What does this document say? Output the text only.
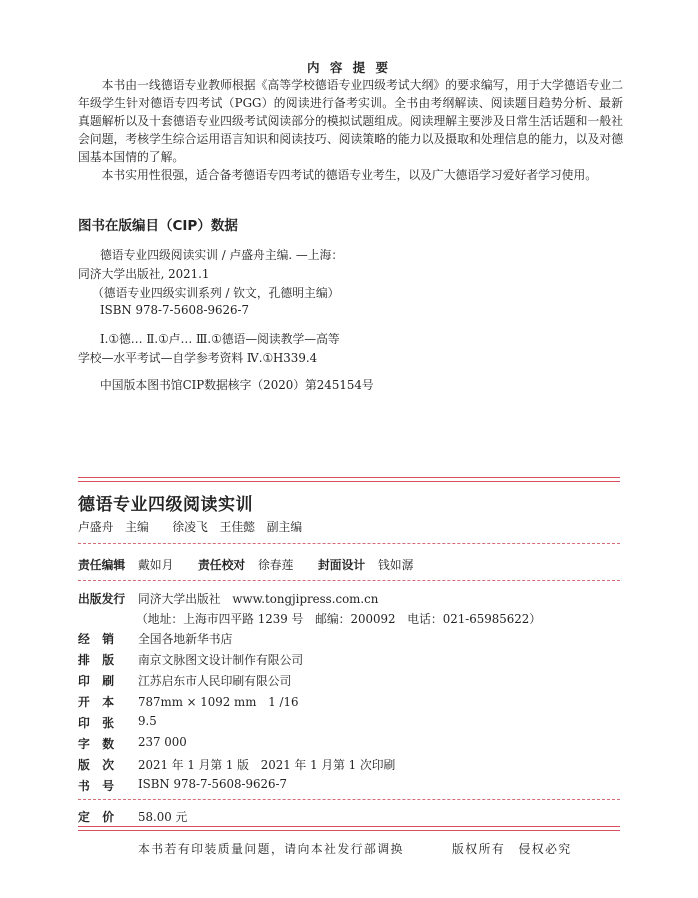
内 容 提 要

本书由一线德语专业教师根据《高等学校德语专业四级考试大纲》的要求编写，用于大学德语专业二年级学生针对德语专四考试（PGG）的阅读进行备考实训。全书由考纲解读、阅读题目趋势分析、最新真题解析以及十套德语专业四级考试阅读部分的模拟试题组成。阅读理解主要涉及日常生活话题和一般社会问题，考核学生综合运用语言知识和阅读技巧、阅读策略的能力以及摄取和处理信息的能力，以及对德国基本国情的了解。

本书实用性很强，适合备考德语专四考试的德语专业考生，以及广大德语学习爱好者学习使用。

图书在版编目（CIP）数据
德语专业四级阅读实训 / 卢盛舟主编. —上海：
同济大学出版社, 2021.1
（德语专业四级实训系列 / 钦文，孔德明主编）
ISBN 978-7-5608-9626-7
Ⅰ.①德… Ⅱ.①卢… Ⅲ.①德语—阅读教学—高等
学校—水平考试—自学参考资料 Ⅳ.①H339.4
中国版本图书馆CIP数据核字（2020）第245154号
德语专业四级阅读实训
卢盛舟　主编　　徐凌飞　王佳懿　副主编
责任编辑 戴如月 责任校对 徐春莲 封面设计 钱如潺
出版发行 同济大学出版社　www.tongjipress.com.cn
（地址：上海市四平路 1239 号　邮编：200092　电话：021-65985622）
经　销 全国各地新华书店
排　版 南京文脉图文设计制作有限公司
印　刷 江苏启东市人民印刷有限公司
开　本 787mm × 1092 mm　1 /16
印　张 9.5
字　数 237 000
版　次 2021 年 1 月第 1 版　2021 年 1 月第 1 次印刷
书　号 ISBN 978-7-5608-9626-7
定　价 58.00 元
本书若有印装质量问题，请向本社发行部调换	版权所有　侵权必究
